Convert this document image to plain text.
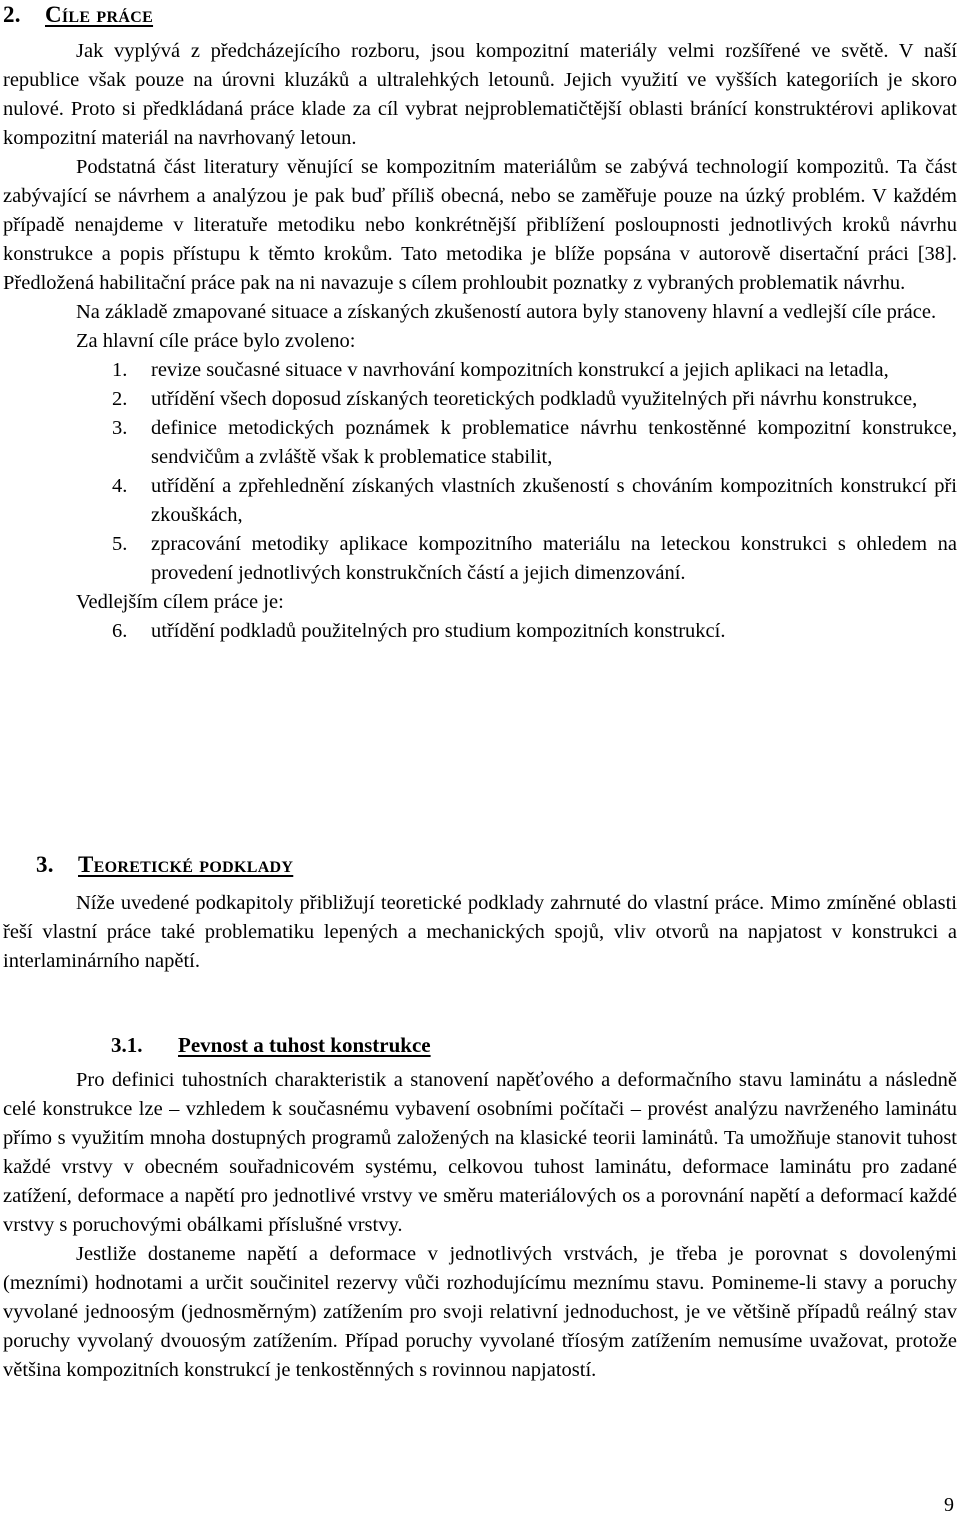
2. Cíle práce

Jak vyplývá z předcházejícího rozboru, jsou kompozitní materiály velmi rozšířené ve světě. V naší republice však pouze na úrovni kluzáků a ultralehkých letounů. Jejich využití ve vyšších kategoriích je skoro nulové. Proto si předkládaná práce klade za cíl vybrat nejproblematičtější oblasti bránící konstruktérovi aplikovat kompozitní materiál na navrhovaný letoun.

Podstatná část literatury věnující se kompozitním materiálům se zabývá technologií kompozitů. Ta část zabývající se návrhem a analýzou je pak buď příliš obecná, nebo se zaměřuje pouze na úzký problém. V každém případě nenajdeme v literatuře metodiku nebo konkrétnější přiblížení posloupnosti jednotlivých kroků návrhu konstrukce a popis přístupu k těmto krokům. Tato metodika je blíže popsána v autorově disertační práci [38]. Předložená habilitační práce pak na ni navazuje s cílem prohloubit poznatky z vybraných problematik návrhu.

Na základě zmapované situace a získaných zkušeností autora byly stanoveny hlavní a vedlejší cíle práce.

Za hlavní cíle práce bylo zvoleno:

1. revize současné situace v navrhování kompozitních konstrukcí a jejich aplikaci na letadla,
2. utřídění všech doposud získaných teoretických podkladů využitelných při návrhu konstrukce,
3. definice metodických poznámek k problematice návrhu tenkostěnné kompozitní konstrukce, sendvičům a zvláště však k problematice stabilit,
4. utřídění a zpřehlednění získaných vlastních zkušeností s chováním kompozitních konstrukcí při zkouškách,
5. zpracování metodiky aplikace kompozitního materiálu na leteckou konstrukci s ohledem na provedení jednotlivých konstrukčních částí a jejich dimenzování.

Vedlejším cílem práce je:

6. utřídění podkladů použitelných pro studium kompozitních konstrukcí.
3. Teoretické podklady

Níže uvedené podkapitoly přibližují teoretické podklady zahrnuté do vlastní práce. Mimo zmíněné oblasti řeší vlastní práce také problematiku lepených a mechanických spojů, vliv otvorů na napjatost v konstrukci a interlaminárního napětí.

3.1. Pevnost a tuhost konstrukce

Pro definici tuhostních charakteristik a stanovení napěťového a deformačního stavu laminátu a následně celé konstrukce lze – vzhledem k současnému vybavení osobními počítači – provést analýzu navrženého laminátu přímo s využitím mnoha dostupných programů založených na klasické teorii laminátů. Ta umožňuje stanovit tuhost každé vrstvy v obecném souřadnicovém systému, celkovou tuhost laminátu, deformace laminátu pro zadané zatížení, deformace a napětí pro jednotlivé vrstvy ve směru materiálových os a porovnání napětí a deformací každé vrstvy s poruchovými obálkami příslušné vrstvy.

Jestliže dostaneme napětí a deformace v jednotlivých vrstvách, je třeba je porovnat s dovolenými (mezními) hodnotami a určit součinitel rezervy vůči rozhodujícímu meznímu stavu. Pomineme-li stavy a poruchy vyvolané jednoosým (jednosměrným) zatížením pro svoji relativní jednoduchost, je ve většině případů reálný stav poruchy vyvolaný dvouosým zatížením. Případ poruchy vyvolané tříosým zatížením nemusíme uvažovat, protože většina kompozitních konstrukcí je tenkostěnných s rovinnou napjatostí.

9
